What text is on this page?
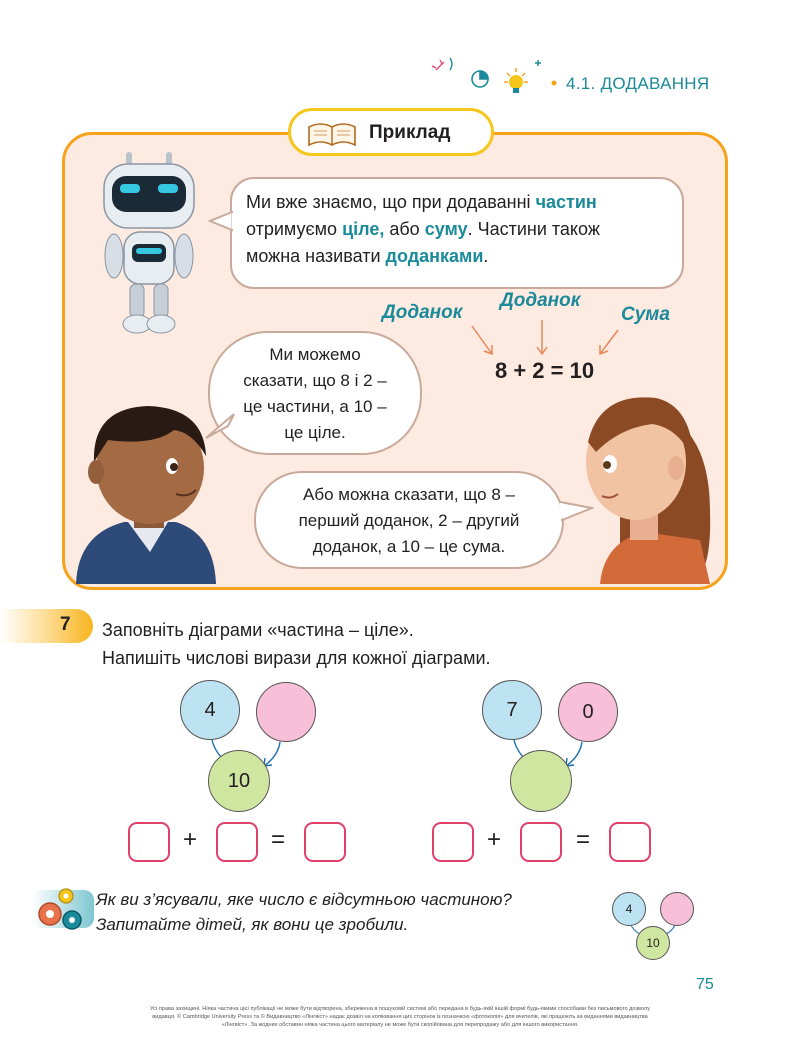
4.1. ДОДАВАННЯ
Приклад
Ми вже знаємо, що при додаванні частин
отримуємо ціле, або суму. Частини також
можна називати доданками.
Доданок
Доданок
Сума
8 + 2 = 10
Ми можемо
сказати, що 8 і 2 –
це частини, а 10 –
це ціле.
Або можна сказати, що 8 –
перший доданок, 2 – другий
доданок, а 10 – це сума.
7 Заповніть діаграми «частина – ціле».
Напишіть числові вирази для кожної діаграми.
4
10
7	0
+	=	+	=
Як ви з’ясували, яке число є відсутньою частиною?
Запитайте дітей, як вони це зробили.
4
10
75
Усі права захищені. Ніяка частина цієї публікації не може бути відтворена, збережена в пошуковій системі або передана в будь-якій іншій формі будь-якими способами без письмового дозволу видавця. © Cambridge University Press та © Видавництво «Лінгвіст» надає дозвіл на копіювання цих сторінок із позначкою «фотокопія» для вчителів, які працюють за виданнями видавництва «Лінгвіст». За жодних обставин ніяка частина цього матеріалу не може бути скопійована для перепродажу або для іншого використання.
